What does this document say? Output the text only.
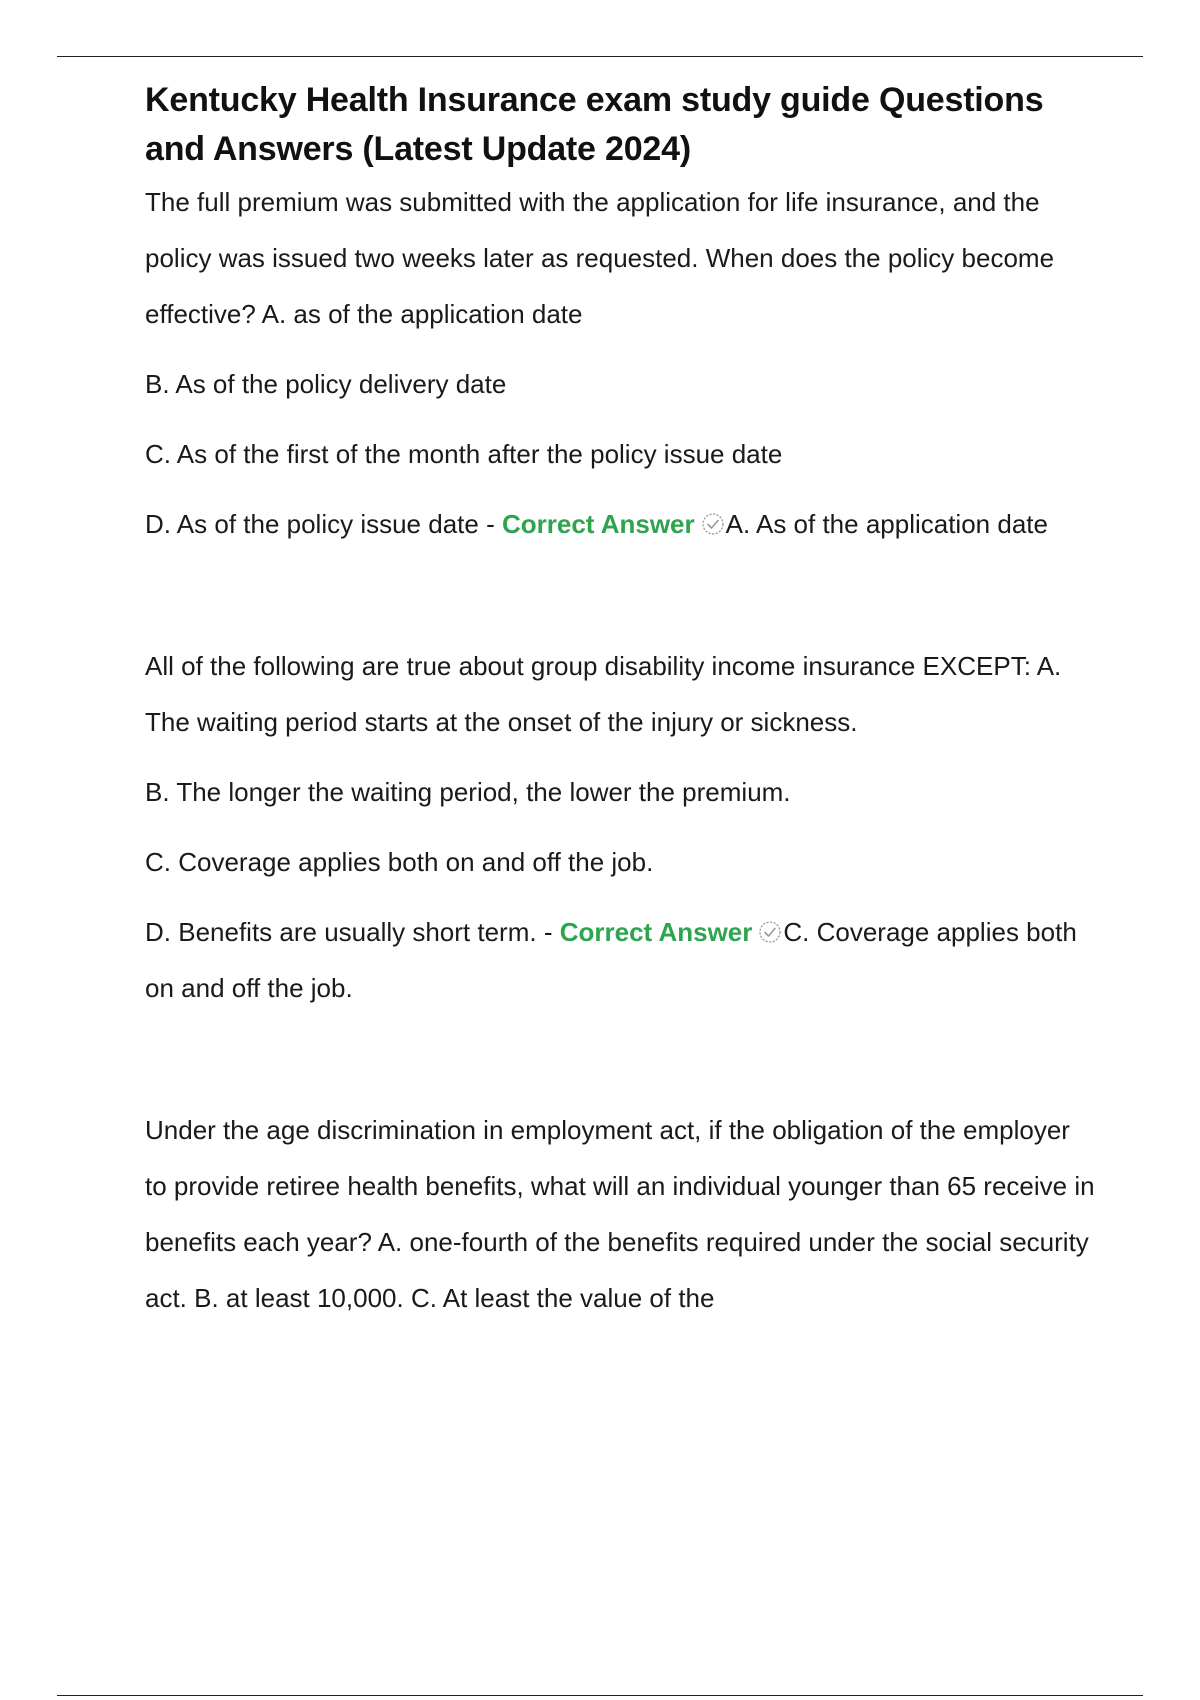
Kentucky Health Insurance exam study guide Questions and Answers (Latest Update 2024)

The full premium was submitted with the application for life insurance, and the policy was issued two weeks later as requested. When does the policy become effective? A. as of the application date

B. As of the policy delivery date

C. As of the first of the month after the policy issue date

D. As of the policy issue date - Correct Answer A. As of the application date

All of the following are true about group disability income insurance EXCEPT: A. The waiting period starts at the onset of the injury or sickness.

B. The longer the waiting period, the lower the premium.

C. Coverage applies both on and off the job.

D. Benefits are usually short term. - Correct Answer C. Coverage applies both on and off the job.

Under the age discrimination in employment act, if the obligation of the employer to provide retiree health benefits, what will an individual younger than 65 receive in benefits each year? A. one-fourth of the benefits required under the social security act. B. at least 10,000. C. At least the value of the
